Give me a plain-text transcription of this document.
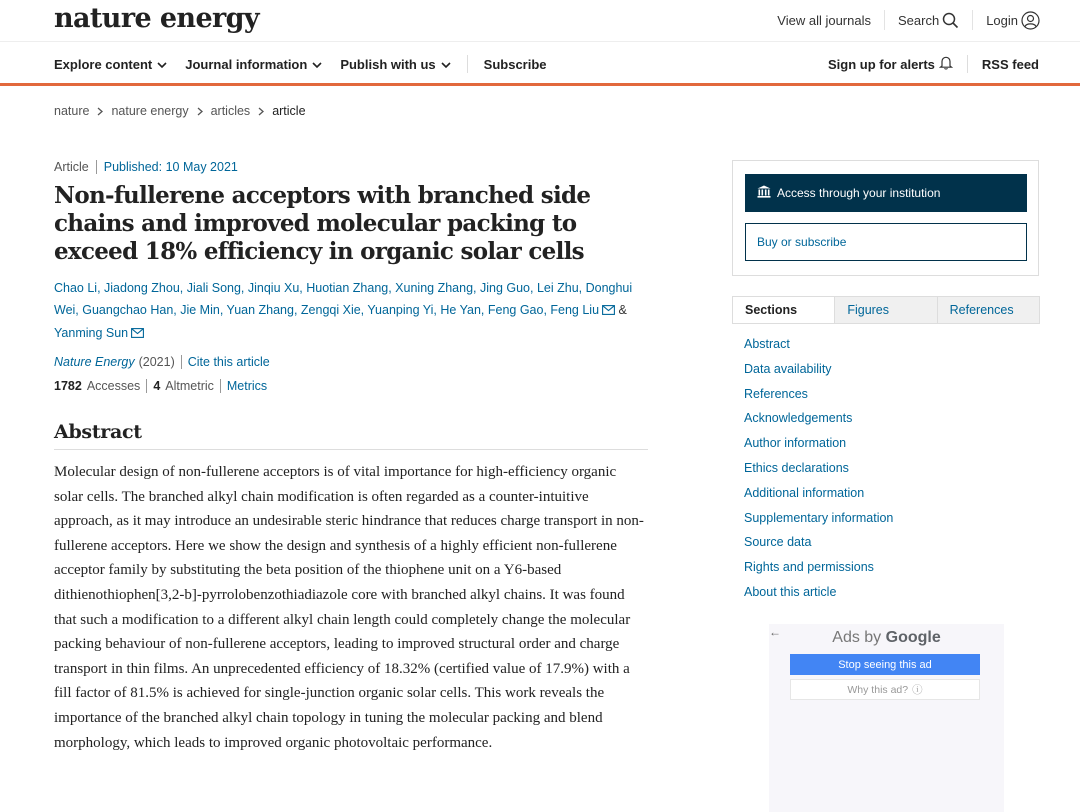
nature energy	View all journals Search	Login
Explore content	Journal information	Publish with us	Subscribe	Sign up for alerts	RSS feed
nature nature energy articles article
Article	Published: 10 May 2021
Non-fullerene acceptors with branched side chains and improved molecular packing to exceed 18% efficiency in organic solar cells
Chao Li, Jiadong Zhou, Jiali Song, Jinqiu Xu, Huotian Zhang, Xuning Zhang, Jing Guo, Lei Zhu, Donghui Wei, Guangchao Han, Jie Min, Yuan Zhang, Zengqi Xie, Yuanping Yi, He Yan, Feng Gao, Feng Liu & Yanming Sun
Nature Energy (2021)	Cite this article
1782 Accesses 4 Altmetric Metrics
Abstract

Molecular design of non-fullerene acceptors is of vital importance for high-efficiency organic solar cells. The branched alkyl chain modification is often regarded as a counter-intuitive approach, as it may introduce an undesirable steric hindrance that reduces charge transport in non-fullerene acceptors. Here we show the design and synthesis of a highly efficient non-fullerene acceptor family by substituting the beta position of the thiophene unit on a Y6-based dithienothiophen[3,2-b]-pyrrolobenzothiadiazole core with branched alkyl chains. It was found that such a modification to a different alkyl chain length could completely change the molecular packing behaviour of non-fullerene acceptors, leading to improved structural order and charge transport in thin films. An unprecedented efficiency of 18.32% (certified value of 17.9%) with a fill factor of 81.5% is achieved for single-junction organic solar cells. This work reveals the importance of the branched alkyl chain topology in tuning the molecular packing and blend morphology, which leads to improved organic photovoltaic performance.

Access through your institution
Buy or subscribe
Sections	Figures	References
Abstract
Data availability
References
Acknowledgements
Author information
Ethics declarations
Additional information
Supplementary information
Source data
Rights and permissions
About this article
←	Ads by Google
Stop seeing this ad
Why this ad? ⓘ
